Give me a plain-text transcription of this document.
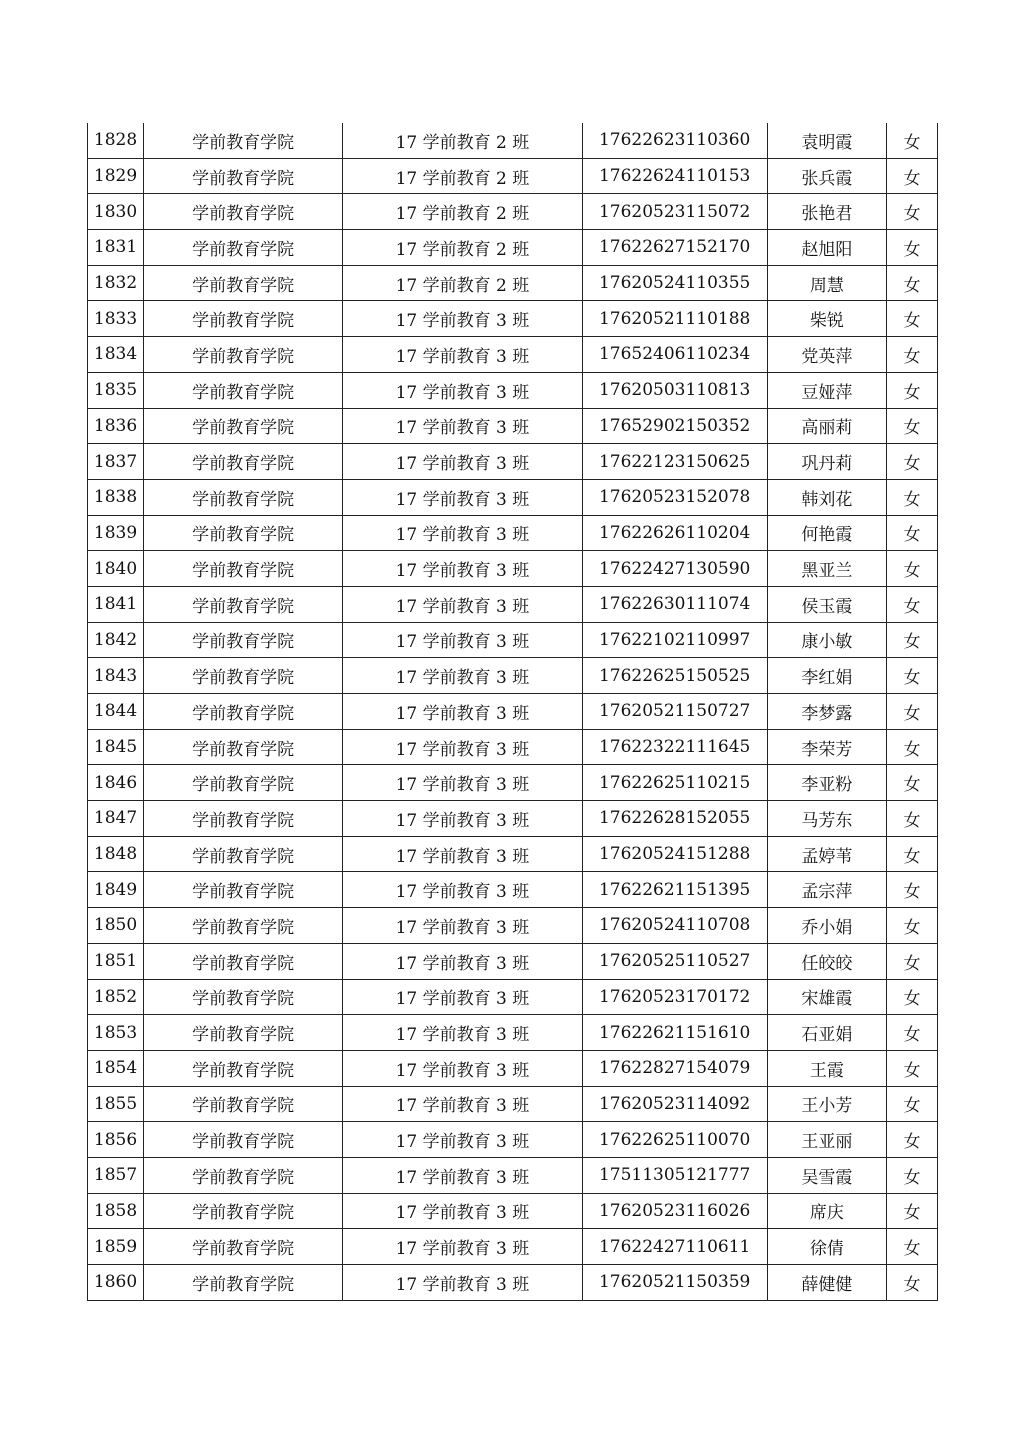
1828	学前教育学院	17 学前教育 2 班	17622623110360	袁明霞	女
1829	学前教育学院	17 学前教育 2 班	17622624110153	张兵霞	女
1830	学前教育学院	17 学前教育 2 班	17620523115072	张艳君	女
1831	学前教育学院	17 学前教育 2 班	17622627152170	赵旭阳	女
1832	学前教育学院	17 学前教育 2 班	17620524110355	周慧	女
1833	学前教育学院	17 学前教育 3 班	17620521110188	柴锐	女
1834	学前教育学院	17 学前教育 3 班	17652406110234	党英萍	女
1835	学前教育学院	17 学前教育 3 班	17620503110813	豆娅萍	女
1836	学前教育学院	17 学前教育 3 班	17652902150352	高丽莉	女
1837	学前教育学院	17 学前教育 3 班	17622123150625	巩丹莉	女
1838	学前教育学院	17 学前教育 3 班	17620523152078	韩刘花	女
1839	学前教育学院	17 学前教育 3 班	17622626110204	何艳霞	女
1840	学前教育学院	17 学前教育 3 班	17622427130590	黑亚兰	女
1841	学前教育学院	17 学前教育 3 班	17622630111074	侯玉霞	女
1842	学前教育学院	17 学前教育 3 班	17622102110997	康小敏	女
1843	学前教育学院	17 学前教育 3 班	17622625150525	李红娟	女
1844	学前教育学院	17 学前教育 3 班	17620521150727	李梦露	女
1845	学前教育学院	17 学前教育 3 班	17622322111645	李荣芳	女
1846	学前教育学院	17 学前教育 3 班	17622625110215	李亚粉	女
1847	学前教育学院	17 学前教育 3 班	17622628152055	马芳东	女
1848	学前教育学院	17 学前教育 3 班	17620524151288	孟婷苇	女
1849	学前教育学院	17 学前教育 3 班	17622621151395	孟宗萍	女
1850	学前教育学院	17 学前教育 3 班	17620524110708	乔小娟	女
1851	学前教育学院	17 学前教育 3 班	17620525110527	任皎皎	女
1852	学前教育学院	17 学前教育 3 班	17620523170172	宋雄霞	女
1853	学前教育学院	17 学前教育 3 班	17622621151610	石亚娟	女
1854	学前教育学院	17 学前教育 3 班	17622827154079	王霞	女
1855	学前教育学院	17 学前教育 3 班	17620523114092	王小芳	女
1856	学前教育学院	17 学前教育 3 班	17622625110070	王亚丽	女
1857	学前教育学院	17 学前教育 3 班	17511305121777	吴雪霞	女
1858	学前教育学院	17 学前教育 3 班	17620523116026	席庆	女
1859	学前教育学院	17 学前教育 3 班	17622427110611	徐倩	女
1860	学前教育学院	17 学前教育 3 班	17620521150359	薛健健	女
